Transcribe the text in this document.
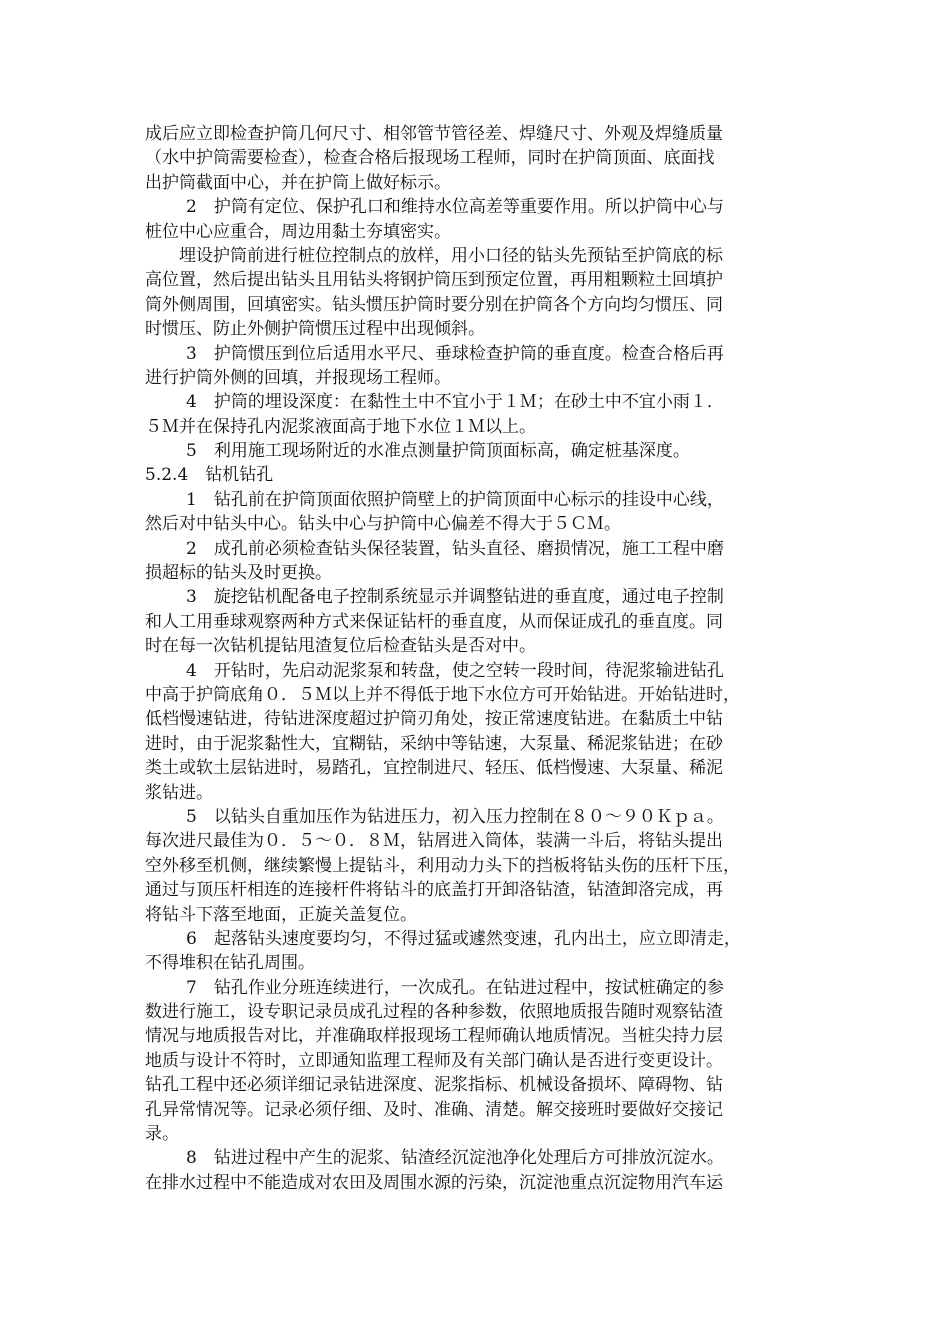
成后应立即检查护筒几何尺寸、相邻管节管径差、焊缝尺寸、外观及焊缝质量
（水中护筒需要检查），检查合格后报现场工程师，同时在护筒顶面、底面找
出护筒截面中心，并在护筒上做好标示。
2　护筒有定位、保护孔口和维持水位高差等重要作用。所以护筒中心与
桩位中心应重合，周边用黏土夯填密实。
埋设护筒前进行桩位控制点的放样，用小口径的钻头先预钻至护筒底的标
高位置，然后提出钻头且用钻头将钢护筒压到预定位置，再用粗颗粒土回填护
筒外侧周围，回填密实。钻头惯压护筒时要分别在护筒各个方向均匀惯压、同
时惯压、防止外侧护筒惯压过程中出现倾斜。
3　护筒惯压到位后适用水平尺、垂球检查护筒的垂直度。检查合格后再
进行护筒外侧的回填，并报现场工程师。
4　护筒的埋设深度：在黏性土中不宜小于１Ｍ；在砂土中不宜小雨１．
５Ｍ并在保持孔内泥浆液面高于地下水位１Ｍ以上。
5　利用施工现场附近的水准点测量护筒顶面标高，确定桩基深度。
5.2.4　钻机钻孔
1　钻孔前在护筒顶面依照护筒壁上的护筒顶面中心标示的挂设中心线，
然后对中钻头中心。钻头中心与护筒中心偏差不得大于５ＣＭ。
2　成孔前必须检查钻头保径装置，钻头直径、磨损情况，施工工程中磨
损超标的钻头及时更换。
3　旋挖钻机配备电子控制系统显示并调整钻进的垂直度，通过电子控制
和人工用垂球观察两种方式来保证钻杆的垂直度，从而保证成孔的垂直度。同
时在每一次钻机提钻甩渣复位后检查钻头是否对中。
4　开钻时，先启动泥浆泵和转盘，使之空转一段时间，待泥浆输进钻孔
中高于护筒底角０．５Ｍ以上并不得低于地下水位方可开始钻进。开始钻进时，
低档慢速钻进，待钻进深度超过护筒刃角处，按正常速度钻进。在黏质土中钻
进时，由于泥浆黏性大，宜糊钻，采纳中等钻速，大泵量、稀泥浆钻进；在砂
类土或软土层钻进时，易踏孔，宜控制进尺、轻压、低档慢速、大泵量、稀泥
浆钻进。
5　以钻头自重加压作为钻进压力，初入压力控制在８０～９０Ｋｐａ。
每次进尺最佳为０．５～０．８Ｍ，钻屑进入筒体，装满一斗后，将钻头提出
空外移至机侧，继续繁慢上提钻斗，利用动力头下的挡板将钻头伤的压杆下压，
通过与顶压杆相连的连接杆件将钻斗的底盖打开卸洛钻渣，钻渣卸洛完成，再
将钻斗下落至地面，正旋关盖复位。
6　起落钻头速度要均匀，不得过猛或遽然变速，孔内出土，应立即清走，
不得堆积在钻孔周围。
7　钻孔作业分班连续进行，一次成孔。在钻进过程中，按试桩确定的参
数进行施工，设专职记录员成孔过程的各种参数，依照地质报告随时观察钻渣
情况与地质报告对比，并准确取样报现场工程师确认地质情况。当桩尖持力层
地质与设计不符时，立即通知监理工程师及有关部门确认是否进行变更设计。
钻孔工程中还必须详细记录钻进深度、泥浆指标、机械设备损坏、障碍物、钻
孔异常情况等。记录必须仔细、及时、准确、清楚。解交接班时要做好交接记
录。
8　钻进过程中产生的泥浆、钻渣经沉淀池净化处理后方可排放沉淀水。
在排水过程中不能造成对农田及周围水源的污染，沉淀池重点沉淀物用汽车运
